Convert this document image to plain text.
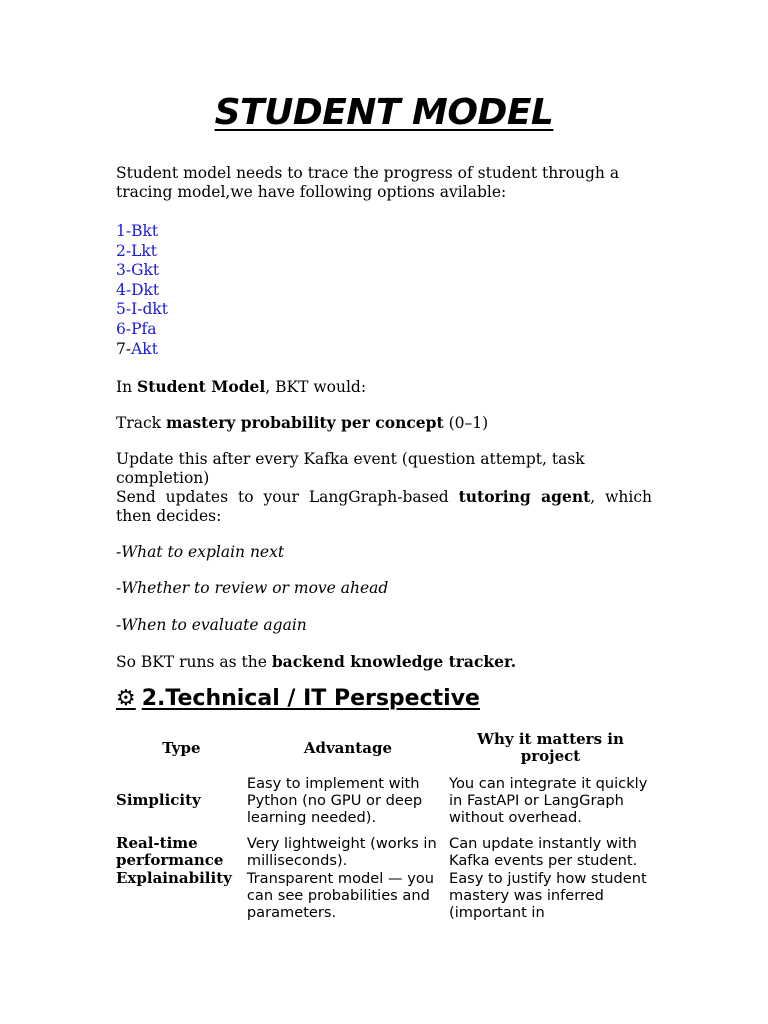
STUDENT MODEL
Student model needs to trace the progress of student through a tracing model,we have following options avilable:
1-Bkt
2-Lkt
3-Gkt
4-Dkt
5-I-dkt
6-Pfa
7-Akt
In Student Model, BKT would:
Track mastery probability per concept (0–1)
Update this after every Kafka event (question attempt, task completion)
Send updates to your LangGraph-based tutoring agent, which then decides:
-What to explain next
-Whether to review or move ahead
-When to evaluate again
So BKT runs as the backend knowledge tracker.
⚙ 2.Technical / IT Perspective
Type	Advantage	Why it matters in project
Simplicity	Easy to implement with Python (no GPU or deep learning needed).	You can integrate it quickly in FastAPI or LangGraph without overhead.
Real-time performance	Very lightweight (works in milliseconds).	Can update instantly with Kafka events per student.
Explainability	Transparent model — you can see probabilities and parameters.	Easy to justify how student mastery was inferred (important in
